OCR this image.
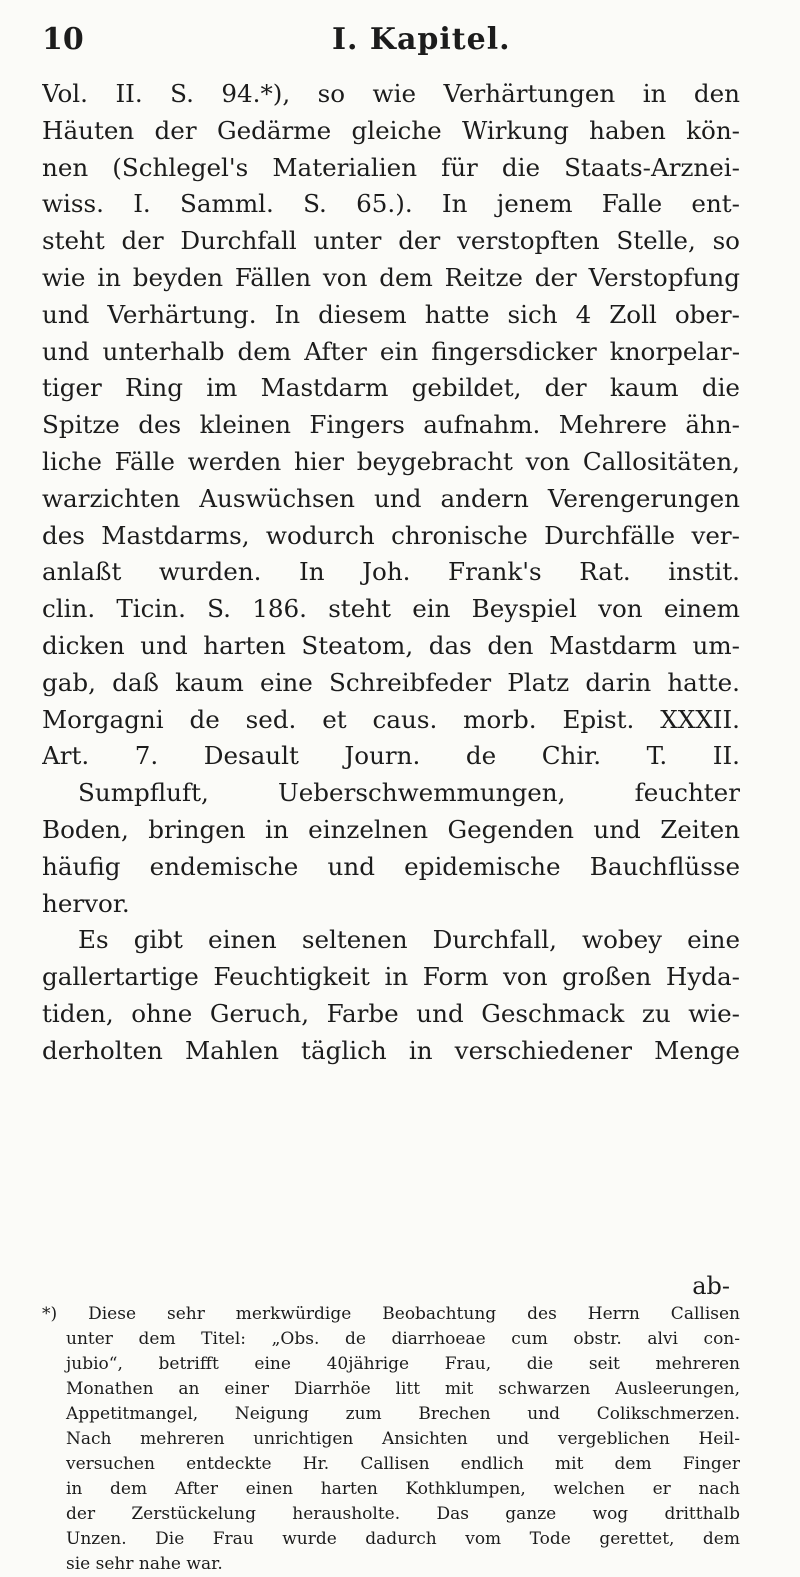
10	I. Kapitel.
Vol. II. S. 94.*), so wie Verhärtungen in den
Häuten der Gedärme gleiche Wirkung haben kön-
nen (Schlegel's Materialien für die Staats-Arznei-
wiss. I. Samml. S. 65.). In jenem Falle ent-
steht der Durchfall unter der verstopften Stelle, so
wie in beyden Fällen von dem Reitze der Verstopfung
und Verhärtung. In diesem hatte sich 4 Zoll ober-
und unterhalb dem After ein fingersdicker knorpelar-
tiger Ring im Mastdarm gebildet, der kaum die
Spitze des kleinen Fingers aufnahm. Mehrere ähn-
liche Fälle werden hier beygebracht von Callositäten,
warzichten Auswüchsen und andern Verengerungen
des Mastdarms, wodurch chronische Durchfälle ver-
anlaßt wurden. In Joh. Frank's Rat. instit.
clin. Ticin. S. 186. steht ein Beyspiel von einem
dicken und harten Steatom, das den Mastdarm um-
gab, daß kaum eine Schreibfeder Platz darin hatte.
Morgagni de sed. et caus. morb. Epist. XXXII.
Art. 7. Desault Journ. de Chir. T. II.
Sumpfluft, Ueberschwemmungen, feuchter
Boden, bringen in einzelnen Gegenden und Zeiten
häufig endemische und epidemische Bauchflüsse
hervor.
Es gibt einen seltenen Durchfall, wobey eine
gallertartige Feuchtigkeit in Form von großen Hyda-
tiden, ohne Geruch, Farbe und Geschmack zu wie-
derholten Mahlen täglich in verschiedener Menge
ab-
*) Diese sehr merkwürdige Beobachtung des Herrn Callisen
unter dem Titel: „Obs. de diarrhoeae cum obstr. alvi con-
jubio“, betrifft eine 40jährige Frau, die seit mehreren
Monathen an einer Diarrhöe litt mit schwarzen Ausleerungen,
Appetitmangel, Neigung zum Brechen und Colikschmerzen.
Nach mehreren unrichtigen Ansichten und vergeblichen Heil-
versuchen entdeckte Hr. Callisen endlich mit dem Finger
in dem After einen harten Kothklumpen, welchen er nach
der Zerstückelung herausholte. Das ganze wog dritthalb
Unzen. Die Frau wurde dadurch vom Tode gerettet, dem
sie sehr nahe war.
